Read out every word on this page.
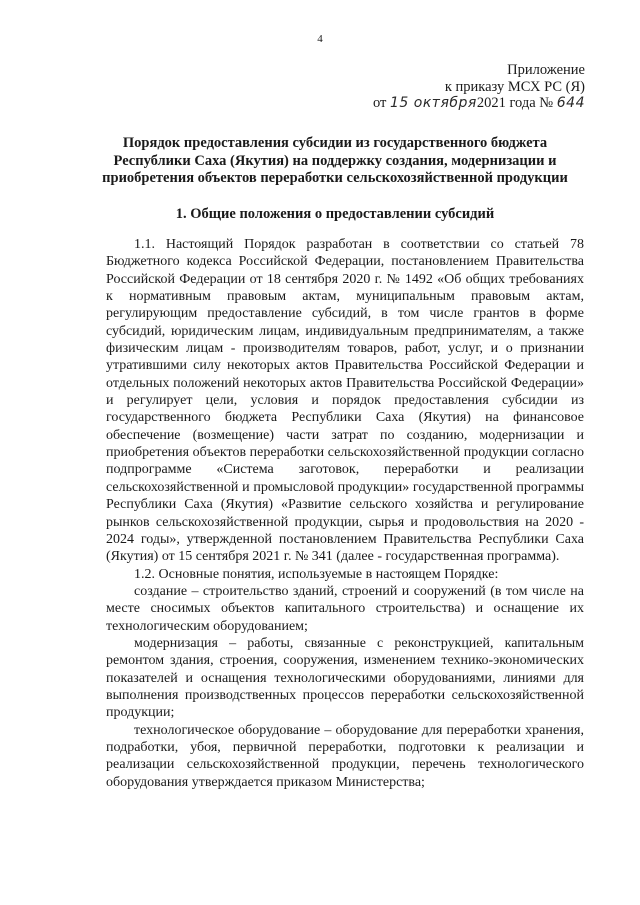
4
Приложение
к приказу МСХ РС (Я)
от 15 октября2021 года № 644
Порядок предоставления субсидии из государственного бюджета Республики Саха (Якутия) на поддержку создания, модернизации и приобретения объектов переработки сельскохозяйственной продукции
1. Общие положения о предоставлении субсидий

1.1. Настоящий Порядок разработан в соответствии со статьей 78 Бюджетного кодекса Российской Федерации, постановлением Правительства Российской Федерации от 18 сентября 2020 г. № 1492 «Об общих требованиях к нормативным правовым актам, муниципальным правовым актам, регулирующим предоставление субсидий, в том числе грантов в форме субсидий, юридическим лицам, индивидуальным предпринимателям, а также физическим лицам - производителям товаров, работ, услуг, и о признании утратившими силу некоторых актов Правительства Российской Федерации и отдельных положений некоторых актов Правительства Российской Федерации» и регулирует цели, условия и порядок предоставления субсидии из государственного бюджета Республики Саха (Якутия) на финансовое обеспечение (возмещение) части затрат по созданию, модернизации и приобретения объектов переработки сельскохозяйственной продукции согласно подпрограмме «Система заготовок, переработки и реализации сельскохозяйственной и промысловой продукции» государственной программы Республики Саха (Якутия) «Развитие сельского хозяйства и регулирование рынков сельскохозяйственной продукции, сырья и продовольствия на 2020 - 2024 годы», утвержденной постановлением Правительства Республики Саха (Якутия) от 15 сентября 2021 г. № 341 (далее - государственная программа).

1.2. Основные понятия, используемые в настоящем Порядке:

создание – строительство зданий, строений и сооружений (в том числе на месте сносимых объектов капитального строительства) и оснащение их технологическим оборудованием;

модернизация – работы, связанные с реконструкцией, капитальным ремонтом здания, строения, сооружения, изменением технико-экономических показателей и оснащения технологическими оборудованиями, линиями для выполнения производственных процессов переработки сельскохозяйственной продукции;

технологическое оборудование – оборудование для переработки хранения, подработки, убоя, первичной переработки, подготовки к реализации и реализации сельскохозяйственной продукции, перечень технологического оборудования утверждается приказом Министерства;
